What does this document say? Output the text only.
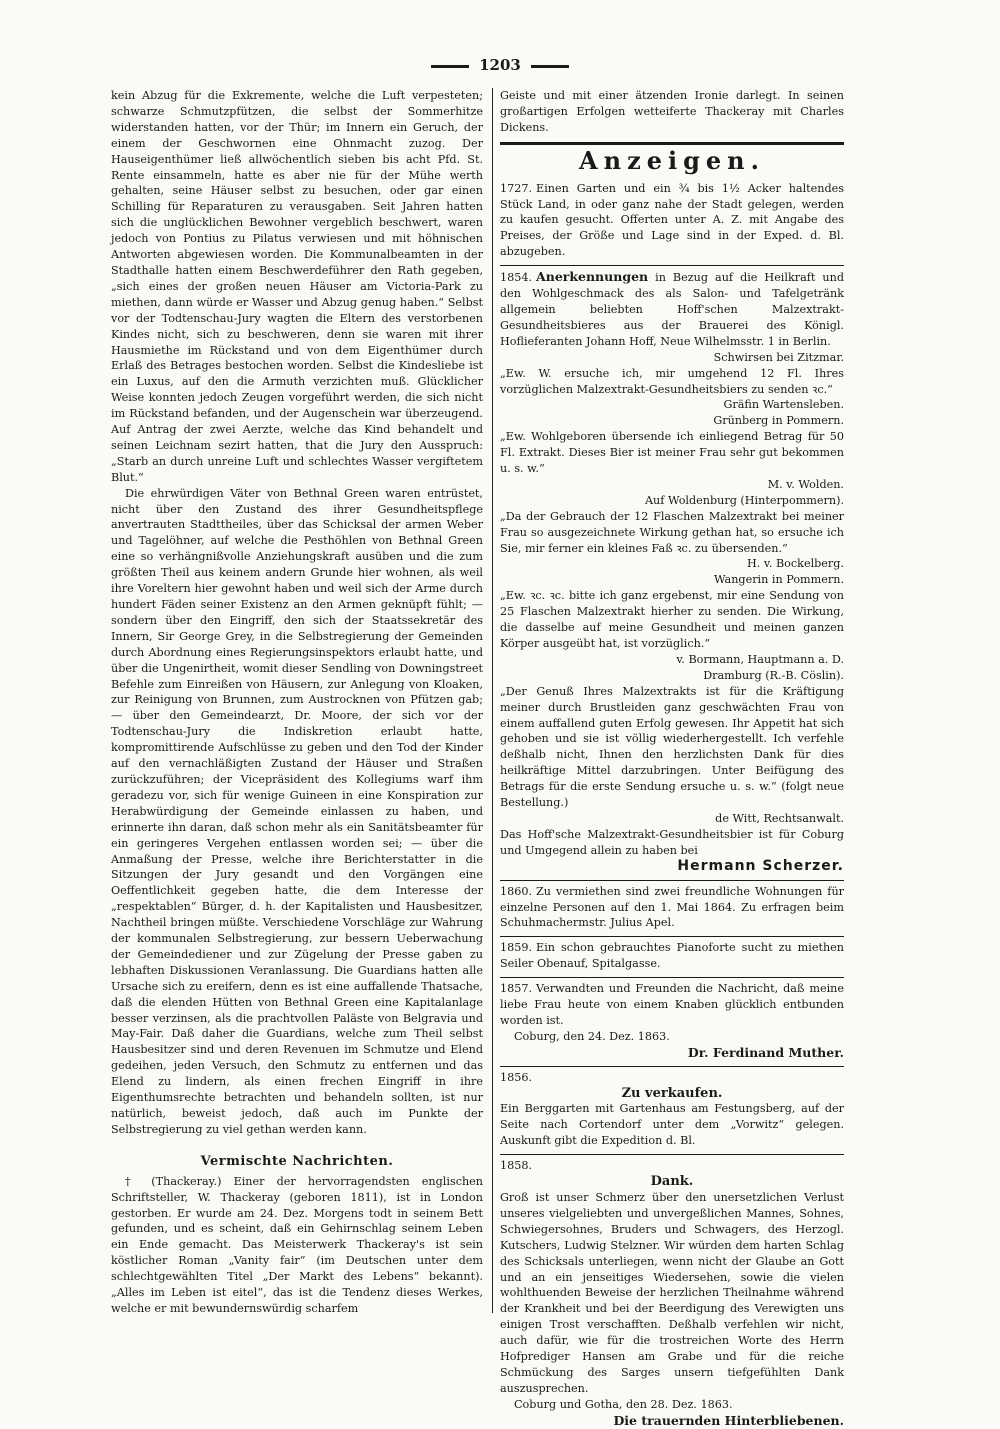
1203

kein Abzug für die Exkremente, welche die Luft verpesteten; schwarze Schmutzpfützen, die selbst der Sommerhitze widerstanden hatten, vor der Thür; im Innern ein Geruch, der einem der Geschwornen eine Ohnmacht zuzog. Der Hauseigenthümer ließ allwöchentlich sieben bis acht Pfd. St. Rente einsammeln, hatte es aber nie für der Mühe werth gehalten, seine Häuser selbst zu besuchen, oder gar einen Schilling für Reparaturen zu verausgaben. Seit Jahren hatten sich die unglücklichen Bewohner vergeblich beschwert, waren jedoch von Pontius zu Pilatus verwiesen und mit höhnischen Antworten abgewiesen worden. Die Kommunalbeamten in der Stadthalle hatten einem Beschwerdeführer den Rath gegeben, „sich eines der großen neuen Häuser am Victoria-Park zu miethen, dann würde er Wasser und Abzug genug haben.“ Selbst vor der Todtenschau-Jury wagten die Eltern des verstorbenen Kindes nicht, sich zu beschweren, denn sie waren mit ihrer Hausmiethe im Rückstand und von dem Eigenthümer durch Erlaß des Betrages bestochen worden. Selbst die Kindesliebe ist ein Luxus, auf den die Armuth verzichten muß. Glücklicher Weise konnten jedoch Zeugen vorgeführt werden, die sich nicht im Rückstand befanden, und der Augenschein war überzeugend. Auf Antrag der zwei Aerzte, welche das Kind behandelt und seinen Leichnam sezirt hatten, that die Jury den Ausspruch: „Starb an durch unreine Luft und schlechtes Wasser vergiftetem Blut.“

Die ehrwürdigen Väter von Bethnal Green waren entrüstet, nicht über den Zustand des ihrer Gesundheitspflege anvertrauten Stadttheiles, über das Schicksal der armen Weber und Tagelöhner, auf welche die Pesthöhlen von Bethnal Green eine so verhängnißvolle Anziehungskraft ausüben und die zum größten Theil aus keinem andern Grunde hier wohnen, als weil ihre Voreltern hier gewohnt haben und weil sich der Arme durch hundert Fäden seiner Existenz an den Armen geknüpft fühlt; — sondern über den Eingriff, den sich der Staatssekretär des Innern, Sir George Grey, in die Selbstregierung der Gemeinden durch Abordnung eines Regierungsinspektors erlaubt hatte, und über die Ungenirtheit, womit dieser Sendling von Downingstreet Befehle zum Einreißen von Häusern, zur Anlegung von Kloaken, zur Reinigung von Brunnen, zum Austrocknen von Pfützen gab; — über den Gemeindearzt, Dr. Moore, der sich vor der Todtenschau-Jury die Indiskretion erlaubt hatte, kompromittirende Aufschlüsse zu geben und den Tod der Kinder auf den vernachläßigten Zustand der Häuser und Straßen zurückzuführen; der Vicepräsident des Kollegiums warf ihm geradezu vor, sich für wenige Guineen in eine Konspiration zur Herabwürdigung der Gemeinde einlassen zu haben, und erinnerte ihn daran, daß schon mehr als ein Sanitätsbeamter für ein geringeres Vergehen entlassen worden sei; — über die Anmaßung der Presse, welche ihre Berichterstatter in die Sitzungen der Jury gesandt und den Vorgängen eine Oeffentlichkeit gegeben hatte, die dem Interesse der „respektablen“ Bürger, d. h. der Kapitalisten und Hausbesitzer, Nachtheil bringen müßte. Verschiedene Vorschläge zur Wahrung der kommunalen Selbstregierung, zur bessern Ueberwachung der Gemeindediener und zur Zügelung der Presse gaben zu lebhaften Diskussionen Veranlassung. Die Guardians hatten alle Ursache sich zu ereifern, denn es ist eine auffallende Thatsache, daß die elenden Hütten von Bethnal Green eine Kapitalanlage besser verzinsen, als die prachtvollen Paläste von Belgravia und May-Fair. Daß daher die Guardians, welche zum Theil selbst Hausbesitzer sind und deren Revenuen im Schmutze und Elend gedeihen, jeden Versuch, den Schmutz zu entfernen und das Elend zu lindern, als einen frechen Eingriff in ihre Eigenthumsrechte betrachten und behandeln sollten, ist nur natürlich, beweist jedoch, daß auch im Punkte der Selbstregierung zu viel gethan werden kann.

Vermischte Nachrichten.

† (Thackeray.) Einer der hervorragendsten englischen Schriftsteller, W. Thackeray (geboren 1811), ist in London gestorben. Er wurde am 24. Dez. Morgens todt in seinem Bett gefunden, und es scheint, daß ein Gehirnschlag seinem Leben ein Ende gemacht. Das Meisterwerk Thackeray's ist sein köstlicher Roman „Vanity fair“ (im Deutschen unter dem schlechtgewählten Titel „Der Markt des Lebens“ bekannt). „Alles im Leben ist eitel“, das ist die Tendenz dieses Werkes, welche er mit bewundernswürdig scharfem

Geiste und mit einer ätzenden Ironie darlegt. In seinen großartigen Erfolgen wetteiferte Thackeray mit Charles Dickens.

Anzeigen.

1727. Einen Garten und ein ¾ bis 1½ Acker haltendes Stück Land, in oder ganz nahe der Stadt gelegen, werden zu kaufen gesucht. Offerten unter A. Z. mit Angabe des Preises, der Größe und Lage sind in der Exped. d. Bl. abzugeben.

1854. Anerkennungen in Bezug auf die Heilkraft und den Wohlgeschmack des als Salon- und Tafelgetränk allgemein beliebten Hoff'schen Malzextrakt-Gesundheitsbieres aus der Brauerei des Königl. Hoflieferanten Johann Hoff, Neue Wilhelmsstr. 1 in Berlin.

Schwirsen bei Zitzmar.

„Ew. W. ersuche ich, mir umgehend 12 Fl. Ihres vorzüglichen Malzextrakt-Gesundheitsbiers zu senden ꝛc.“

Gräfin Wartensleben.

Grünberg in Pommern.

„Ew. Wohlgeboren übersende ich einliegend Betrag für 50 Fl. Extrakt. Dieses Bier ist meiner Frau sehr gut bekommen u. s. w.“

M. v. Wolden.

Auf Woldenburg (Hinterpommern).

„Da der Gebrauch der 12 Flaschen Malzextrakt bei meiner Frau so ausgezeichnete Wirkung gethan hat, so ersuche ich Sie, mir ferner ein kleines Faß ꝛc. zu übersenden.“

H. v. Bockelberg.

Wangerin in Pommern.

„Ew. ꝛc. ꝛc. bitte ich ganz ergebenst, mir eine Sendung von 25 Flaschen Malzextrakt hierher zu senden. Die Wirkung, die dasselbe auf meine Gesundheit und meinen ganzen Körper ausgeübt hat, ist vorzüglich.“

v. Bormann, Hauptmann a. D.

Dramburg (R.-B. Cöslin).

„Der Genuß Ihres Malzextrakts ist für die Kräftigung meiner durch Brustleiden ganz geschwächten Frau von einem auffallend guten Erfolg gewesen. Ihr Appetit hat sich gehoben und sie ist völlig wiederhergestellt. Ich verfehle deßhalb nicht, Ihnen den herzlichsten Dank für dies heilkräftige Mittel darzubringen. Unter Beifügung des Betrags für die erste Sendung ersuche u. s. w.“ (folgt neue Bestellung.)

de Witt, Rechtsanwalt.

Das Hoff'sche Malzextrakt-Gesundheitsbier ist für Coburg und Umgegend allein zu haben bei

Hermann Scherzer.

1860. Zu vermiethen sind zwei freundliche Wohnungen für einzelne Personen auf den 1. Mai 1864. Zu erfragen beim Schuhmachermstr. Julius Apel.

1859. Ein schon gebrauchtes Pianoforte sucht zu miethen Seiler Obenauf, Spitalgasse.

1857. Verwandten und Freunden die Nachricht, daß meine liebe Frau heute von einem Knaben glücklich entbunden worden ist.

Coburg, den 24. Dez. 1863.

Dr. Ferdinand Muther.

1856.

Zu verkaufen.

Ein Berggarten mit Gartenhaus am Festungsberg, auf der Seite nach Cortendorf unter dem „Vorwitz“ gelegen. Auskunft gibt die Expedition d. Bl.

1858.

Dank.

Groß ist unser Schmerz über den unersetzlichen Verlust unseres vielgeliebten und unvergeßlichen Mannes, Sohnes, Schwiegersohnes, Bruders und Schwagers, des Herzogl. Kutschers, Ludwig Stelzner. Wir würden dem harten Schlag des Schicksals unterliegen, wenn nicht der Glaube an Gott und an ein jenseitiges Wiedersehen, sowie die vielen wohlthuenden Beweise der herzlichen Theilnahme während der Krankheit und bei der Beerdigung des Verewigten uns einigen Trost verschafften. Deßhalb verfehlen wir nicht, auch dafür, wie für die trostreichen Worte des Herrn Hofprediger Hansen am Grabe und für die reiche Schmückung des Sarges unsern tiefgefühlten Dank auszusprechen.

Coburg und Gotha, den 28. Dez. 1863.

Die trauernden Hinterbliebenen.
